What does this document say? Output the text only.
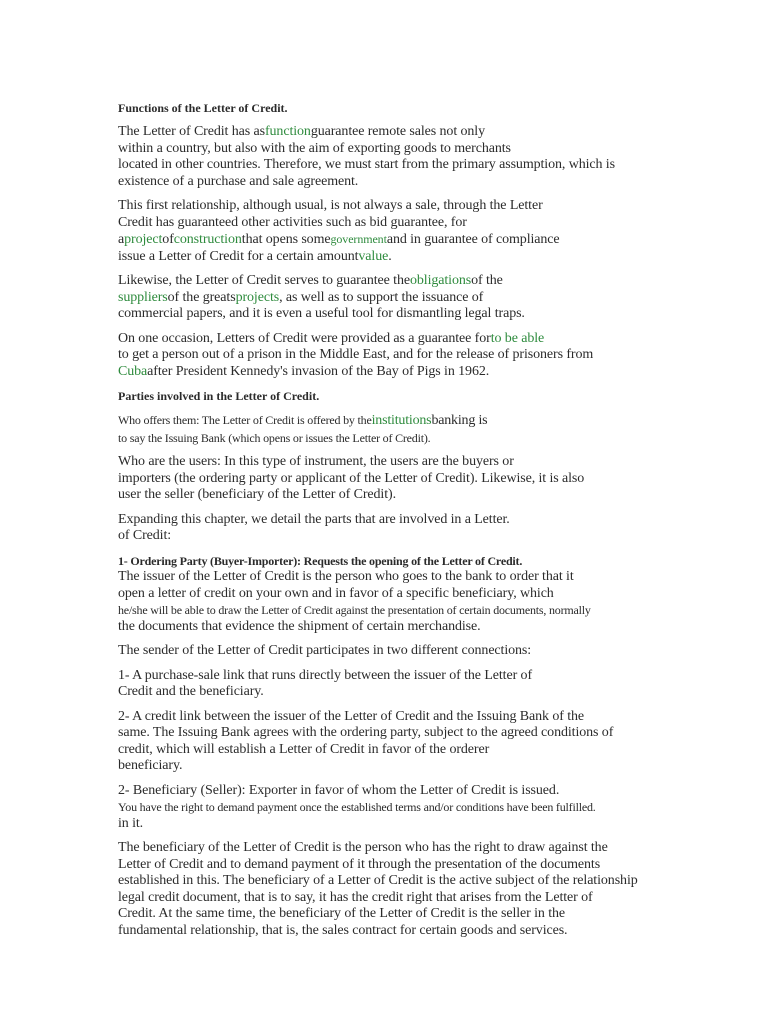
Functions of the Letter of Credit.
The Letter of Credit has asfunctionguarantee remote sales not only
within a country, but also with the aim of exporting goods to merchants
located in other countries. Therefore, we must start from the primary assumption, which is
existence of a purchase and sale agreement.
This first relationship, although usual, is not always a sale, through the Letter
Credit has guaranteed other activities such as bid guarantee, for
aprojectofconstructionthat opens somegovernmentand in guarantee of compliance
issue a Letter of Credit for a certain amountvalue.
Likewise, the Letter of Credit serves to guarantee theobligationsof the
suppliersof the greatsprojects, as well as to support the issuance of
commercial papers, and it is even a useful tool for dismantling legal traps.
On one occasion, Letters of Credit were provided as a guarantee forto be able
to get a person out of a prison in the Middle East, and for the release of prisoners from
Cubaafter President Kennedy's invasion of the Bay of Pigs in 1962.
Parties involved in the Letter of Credit.
Who offers them: The Letter of Credit is offered by theinstitutionsbanking is
to say the Issuing Bank (which opens or issues the Letter of Credit).
Who are the users: In this type of instrument, the users are the buyers or
importers (the ordering party or applicant of the Letter of Credit). Likewise, it is also
user the seller (beneficiary of the Letter of Credit).
Expanding this chapter, we detail the parts that are involved in a Letter.
of Credit:
1- Ordering Party (Buyer-Importer): Requests the opening of the Letter of Credit.
The issuer of the Letter of Credit is the person who goes to the bank to order that it
open a letter of credit on your own and in favor of a specific beneficiary, which
he/she will be able to draw the Letter of Credit against the presentation of certain documents, normally
the documents that evidence the shipment of certain merchandise.
The sender of the Letter of Credit participates in two different connections:
1- A purchase-sale link that runs directly between the issuer of the Letter of
Credit and the beneficiary.
2- A credit link between the issuer of the Letter of Credit and the Issuing Bank of the
same. The Issuing Bank agrees with the ordering party, subject to the agreed conditions of
credit, which will establish a Letter of Credit in favor of the orderer
beneficiary.
2- Beneficiary (Seller): Exporter in favor of whom the Letter of Credit is issued.
You have the right to demand payment once the established terms and/or conditions have been fulfilled.
in it.
The beneficiary of the Letter of Credit is the person who has the right to draw against the
Letter of Credit and to demand payment of it through the presentation of the documents
established in this. The beneficiary of a Letter of Credit is the active subject of the relationship
legal credit document, that is to say, it has the credit right that arises from the Letter of
Credit. At the same time, the beneficiary of the Letter of Credit is the seller in the
fundamental relationship, that is, the sales contract for certain goods and services.
